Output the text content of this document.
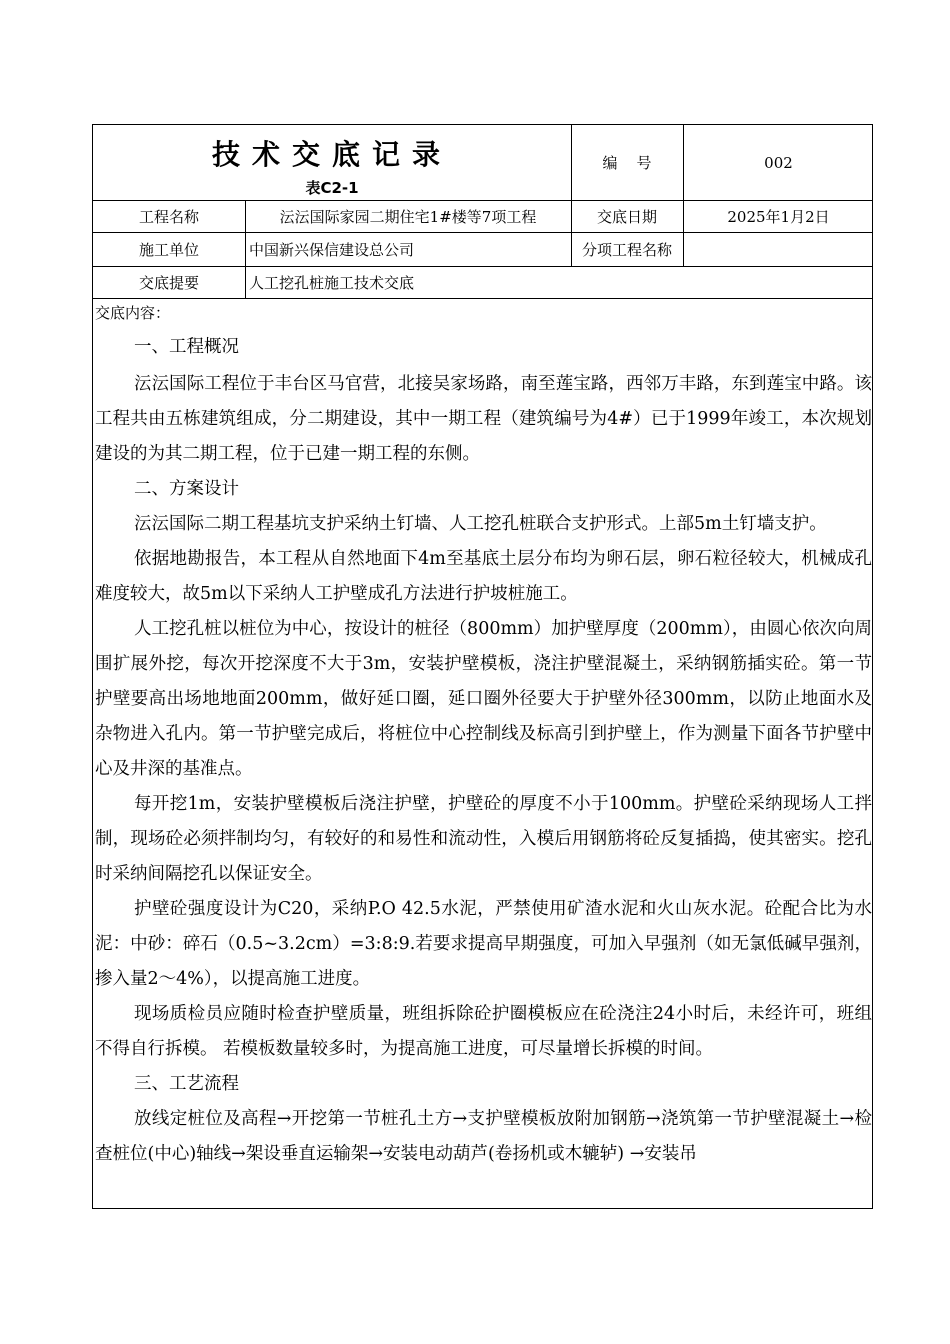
技术交底记录
表C2-1
编    号	002
工程名称	沄沄国际家园二期住宅1#楼等7项工程	交底日期	2025年1月2日
施工单位	中国新兴保信建设总公司	分项工程名称
交底提要	人工挖孔桩施工技术交底

交底内容：

一、工程概况

沄沄国际工程位于丰台区马官营，北接吴家场路，南至莲宝路，西邻万丰路，东到莲宝中路。该工程共由五栋建筑组成，分二期建设，其中一期工程（建筑编号为4#）已于1999年竣工，本次规划建设的为其二期工程，位于已建一期工程的东侧。

二、方案设计

沄沄国际二期工程基坑支护采纳土钉墙、人工挖孔桩联合支护形式。上部5m土钉墙支护。

依据地勘报告，本工程从自然地面下4m至基底土层分布均为卵石层，卵石粒径较大，机械成孔难度较大，故5m以下采纳人工护壁成孔方法进行护坡桩施工。

人工挖孔桩以桩位为中心，按设计的桩径（800mm）加护壁厚度（200mm），由圆心依次向周围扩展外挖，每次开挖深度不大于3m，安装护壁模板，浇注护壁混凝土，采纳钢筋插实砼。第一节护壁要高出场地地面200mm，做好延口圈，延口圈外径要大于护壁外径300mm，以防止地面水及杂物进入孔内。第一节护壁完成后，将桩位中心控制线及标高引到护壁上，作为测量下面各节护壁中心及井深的基准点。

每开挖1m，安装护壁模板后浇注护壁，护壁砼的厚度不小于100mm。护壁砼采纳现场人工拌制，现场砼必须拌制均匀，有较好的和易性和流动性，入模后用钢筋将砼反复插捣，使其密实。挖孔时采纳间隔挖孔以保证安全。

护壁砼强度设计为C20，采纳P.O 42.5水泥，严禁使用矿渣水泥和火山灰水泥。砼配合比为水泥：中砂：碎石（0.5~3.2cm）=3:8:9.若要求提高早期强度，可加入早强剂（如无氯低碱早强剂，掺入量2～4%），以提高施工进度。

现场质检员应随时检查护壁质量，班组拆除砼护圈模板应在砼浇注24小时后，未经许可，班组不得自行拆模。 若模板数量较多时，为提高施工进度，可尽量增长拆模的时间。

三、工艺流程

放线定桩位及高程→开挖第一节桩孔土方→支护壁模板放附加钢筋→浇筑第一节护壁混凝土→检查桩位(中心)轴线→架设垂直运输架→安装电动葫芦(卷扬机或木辘轳) →安装吊
